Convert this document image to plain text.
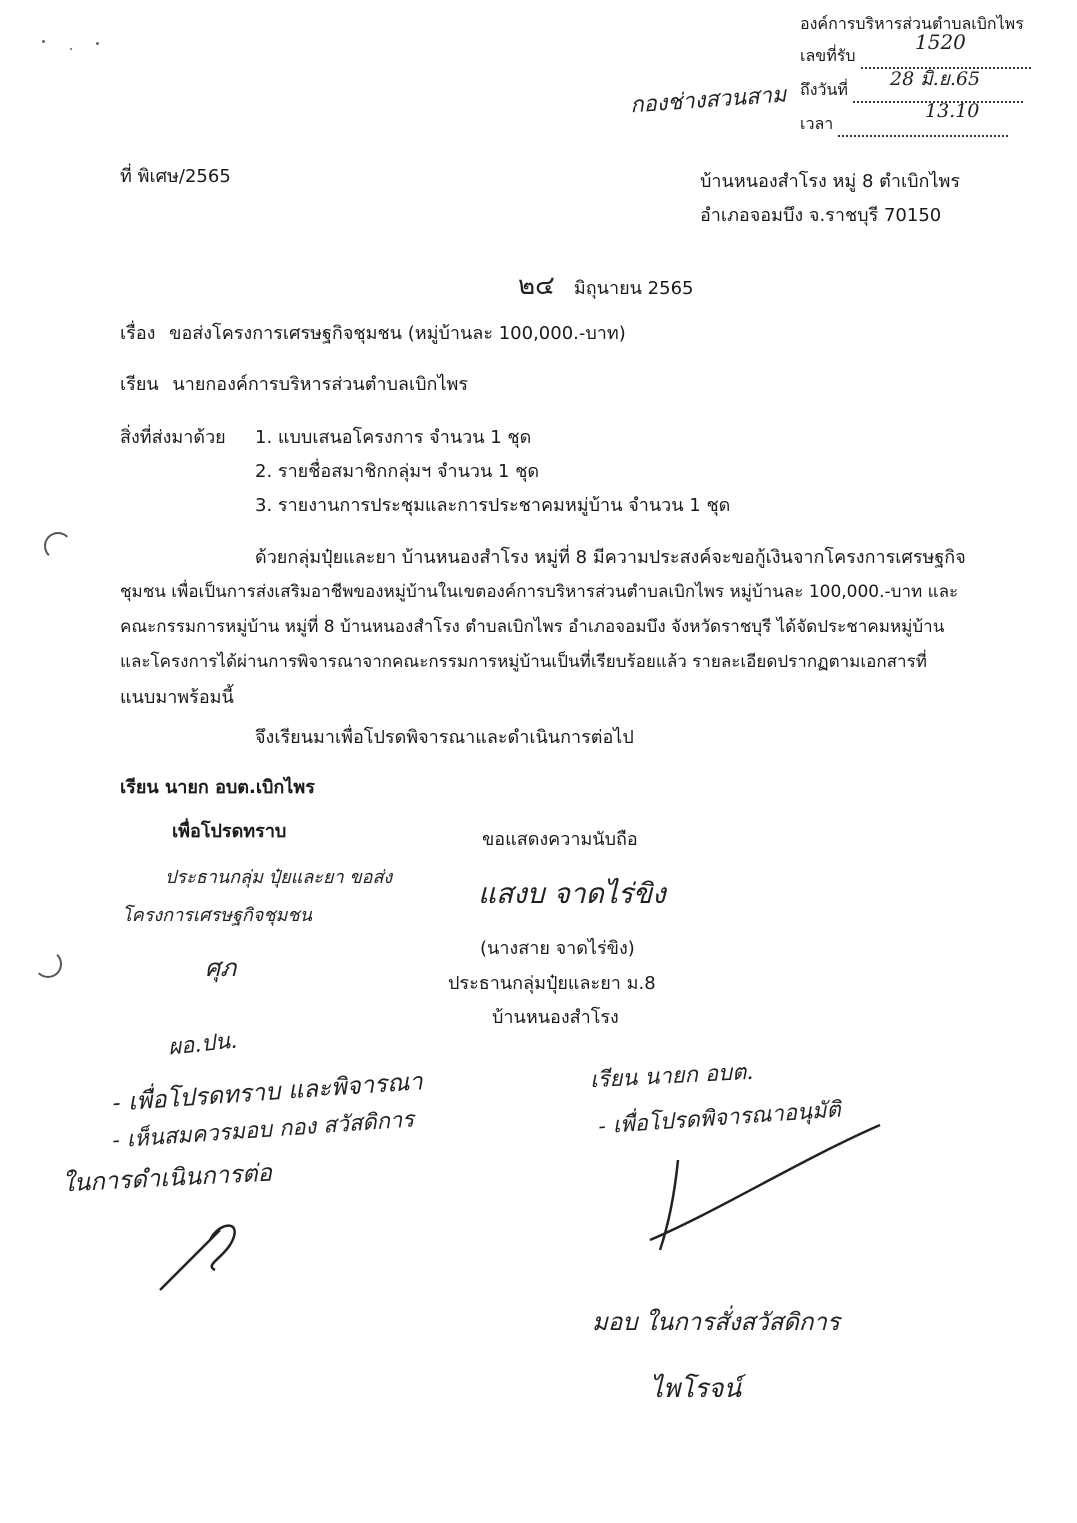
องค์การบริหารส่วนตำบลเบิกไพร
เลขที่รับ
1520
ถึงวันที่	28 มิ.ย.65
เวลา
13.10
กองช่างสวนสาม
ที่ พิเศษ/2565	บ้านหนองสำโรง หมู่ 8 ตำเบิกไพร
อำเภอจอมบึง จ.ราชบุรี 70150
๒๔ มิถุนายน 2565
เรื่อง ขอส่งโครงการเศรษฐกิจชุมชน (หมู่บ้านละ 100,000.-บาท)
เรียน นายกองค์การบริหารส่วนตำบลเบิกไพร
สิ่งที่ส่งมาด้วย 1. แบบเสนอโครงการ จำนวน 1 ชุด
2. รายชื่อสมาชิกกลุ่มฯ จำนวน 1 ชุด
3. รายงานการประชุมและการประชาคมหมู่บ้าน จำนวน 1 ชุด
ด้วยกลุ่มปุ๋ยและยา บ้านหนองสำโรง หมู่ที่ 8 มีความประสงค์จะขอกู้เงินจากโครงการเศรษฐกิจ
ชุมชน เพื่อเป็นการส่งเสริมอาชีพของหมู่บ้านในเขตองค์การบริหารส่วนตำบลเบิกไพร หมู่บ้านละ 100,000.-บาท และ
คณะกรรมการหมู่บ้าน หมู่ที่ 8 บ้านหนองสำโรง ตำบลเบิกไพร อำเภอจอมบึง จังหวัดราชบุรี ได้จัดประชาคมหมู่บ้าน
และโครงการได้ผ่านการพิจารณาจากคณะกรรมการหมู่บ้านเป็นที่เรียบร้อยแล้ว รายละเอียดปรากฏตามเอกสารที่
แนบมาพร้อมนี้
จึงเรียนมาเพื่อโปรดพิจารณาและดำเนินการต่อไป
เรียน นายก อบต.เบิกไพร
เพื่อโปรดทราบ
ประธานกลุ่ม ปุ๋ยและยา ขอส่ง
โครงการเศรษฐกิจชุมชน
ศุภ
ขอแสดงความนับถือ
แสงบ จาดไร่ขิง
(นางสาย จาดไร่ขิง)
ประธานกลุ่มปุ๋ยและยา ม.8
บ้านหนองสำโรง
ผอ.ปน.
- เพื่อโปรดทราบ และพิจารณา
- เห็นสมควรมอบ กอง สวัสดิการ
ในการดำเนินการต่อ
เรียน นายก อบต.
- เพื่อโปรดพิจารณาอนุมัติ
มอบ ในการสั่งสวัสดิการ
ไพโรจน์
